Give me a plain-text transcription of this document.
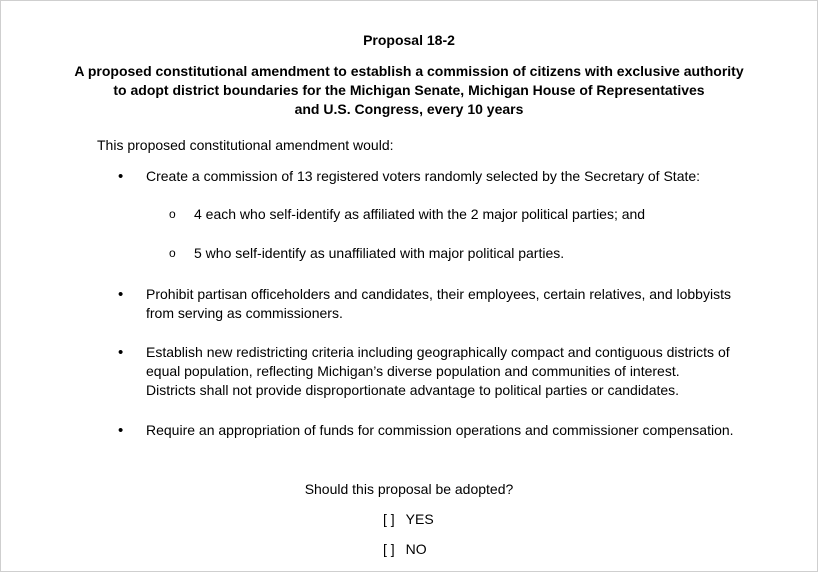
Proposal 18-2
A proposed constitutional amendment to establish a commission of citizens with exclusive authority
to adopt district boundaries for the Michigan Senate, Michigan House of Representatives
and U.S. Congress, every 10 years
This proposed constitutional amendment would:
• Create a commission of 13 registered voters randomly selected by the Secretary of State:
o 4 each who self-identify as affiliated with the 2 major political parties; and
o 5 who self-identify as unaffiliated with major political parties.
• Prohibit partisan officeholders and candidates, their employees, certain relatives, and lobbyists
from serving as commissioners.
• Establish new redistricting criteria including geographically compact and contiguous districts of
equal population, reflecting Michigan’s diverse population and communities of interest.
Districts shall not provide disproportionate advantage to political parties or candidates.
• Require an appropriation of funds for commission operations and commissioner compensation.
Should this proposal be adopted?
[ ] YES
[ ] NO
